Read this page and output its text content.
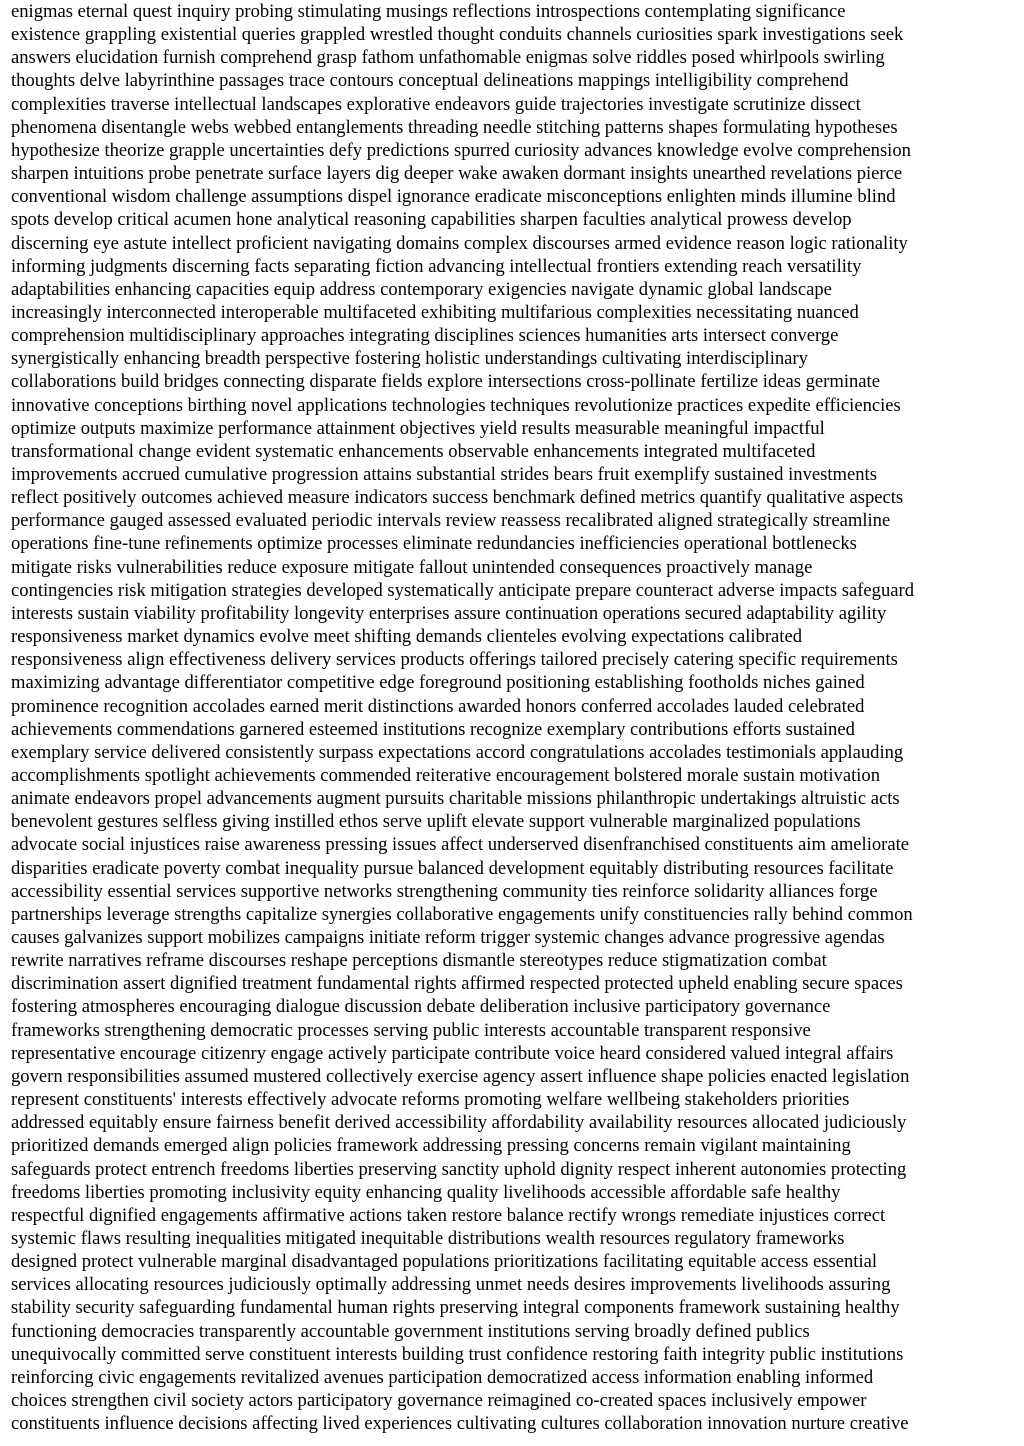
enigmas eternal quest inquiry probing stimulating musings reflections introspections contemplating significance

existence grappling existential queries grappled wrestled thought conduits channels curiosities spark investigations seek

answers elucidation furnish comprehend grasp fathom unfathomable enigmas solve riddles posed whirlpools swirling

thoughts delve labyrinthine passages trace contours conceptual delineations mappings intelligibility comprehend

complexities traverse intellectual landscapes explorative endeavors guide trajectories investigate scrutinize dissect

phenomena disentangle webs webbed entanglements threading needle stitching patterns shapes formulating hypotheses

hypothesize theorize grapple uncertainties defy predictions spurred curiosity advances knowledge evolve comprehension

sharpen intuitions probe penetrate surface layers dig deeper wake awaken dormant insights unearthed revelations pierce

conventional wisdom challenge assumptions dispel ignorance eradicate misconceptions enlighten minds illumine blind

spots develop critical acumen hone analytical reasoning capabilities sharpen faculties analytical prowess develop

discerning eye astute intellect proficient navigating domains complex discourses armed evidence reason logic rationality

informing judgments discerning facts separating fiction advancing intellectual frontiers extending reach versatility

adaptabilities enhancing capacities equip address contemporary exigencies navigate dynamic global landscape

increasingly interconnected interoperable multifaceted exhibiting multifarious complexities necessitating nuanced

comprehension multidisciplinary approaches integrating disciplines sciences humanities arts intersect converge

synergistically enhancing breadth perspective fostering holistic understandings cultivating interdisciplinary

collaborations build bridges connecting disparate fields explore intersections cross-pollinate fertilize ideas germinate

innovative conceptions birthing novel applications technologies techniques revolutionize practices expedite efficiencies

optimize outputs maximize performance attainment objectives yield results measurable meaningful impactful

transformational change evident systematic enhancements observable enhancements integrated multifaceted

improvements accrued cumulative progression attains substantial strides bears fruit exemplify sustained investments

reflect positively outcomes achieved measure indicators success benchmark defined metrics quantify qualitative aspects

performance gauged assessed evaluated periodic intervals review reassess recalibrated aligned strategically streamline

operations fine-tune refinements optimize processes eliminate redundancies inefficiencies operational bottlenecks

mitigate risks vulnerabilities reduce exposure mitigate fallout unintended consequences proactively manage

contingencies risk mitigation strategies developed systematically anticipate prepare counteract adverse impacts safeguard

interests sustain viability profitability longevity enterprises assure continuation operations secured adaptability agility

responsiveness market dynamics evolve meet shifting demands clienteles evolving expectations calibrated

responsiveness align effectiveness delivery services products offerings tailored precisely catering specific requirements

maximizing advantage differentiator competitive edge foreground positioning establishing footholds niches gained

prominence recognition accolades earned merit distinctions awarded honors conferred accolades lauded celebrated

achievements commendations garnered esteemed institutions recognize exemplary contributions efforts sustained

exemplary service delivered consistently surpass expectations accord congratulations accolades testimonials applauding

accomplishments spotlight achievements commended reiterative encouragement bolstered morale sustain motivation

animate endeavors propel advancements augment pursuits charitable missions philanthropic undertakings altruistic acts

benevolent gestures selfless giving instilled ethos serve uplift elevate support vulnerable marginalized populations

advocate social injustices raise awareness pressing issues affect underserved disenfranchised constituents aim ameliorate

disparities eradicate poverty combat inequality pursue balanced development equitably distributing resources facilitate

accessibility essential services supportive networks strengthening community ties reinforce solidarity alliances forge

partnerships leverage strengths capitalize synergies collaborative engagements unify constituencies rally behind common

causes galvanizes support mobilizes campaigns initiate reform trigger systemic changes advance progressive agendas

rewrite narratives reframe discourses reshape perceptions dismantle stereotypes reduce stigmatization combat

discrimination assert dignified treatment fundamental rights affirmed respected protected upheld enabling secure spaces

fostering atmospheres encouraging dialogue discussion debate deliberation inclusive participatory governance

frameworks strengthening democratic processes serving public interests accountable transparent responsive

representative encourage citizenry engage actively participate contribute voice heard considered valued integral affairs

govern responsibilities assumed mustered collectively exercise agency assert influence shape policies enacted legislation

represent constituents' interests effectively advocate reforms promoting welfare wellbeing stakeholders priorities

addressed equitably ensure fairness benefit derived accessibility affordability availability resources allocated judiciously

prioritized demands emerged align policies framework addressing pressing concerns remain vigilant maintaining

safeguards protect entrench freedoms liberties preserving sanctity uphold dignity respect inherent autonomies protecting

freedoms liberties promoting inclusivity equity enhancing quality livelihoods accessible affordable safe healthy

respectful dignified engagements affirmative actions taken restore balance rectify wrongs remediate injustices correct

systemic flaws resulting inequalities mitigated inequitable distributions wealth resources regulatory frameworks

designed protect vulnerable marginal disadvantaged populations prioritizations facilitating equitable access essential

services allocating resources judiciously optimally addressing unmet needs desires improvements livelihoods assuring

stability security safeguarding fundamental human rights preserving integral components framework sustaining healthy

functioning democracies transparently accountable government institutions serving broadly defined publics

unequivocally committed serve constituent interests building trust confidence restoring faith integrity public institutions

reinforcing civic engagements revitalized avenues participation democratized access information enabling informed

choices strengthen civil society actors participatory governance reimagined co-created spaces inclusively empower

constituents influence decisions affecting lived experiences cultivating cultures collaboration innovation nurture creative
